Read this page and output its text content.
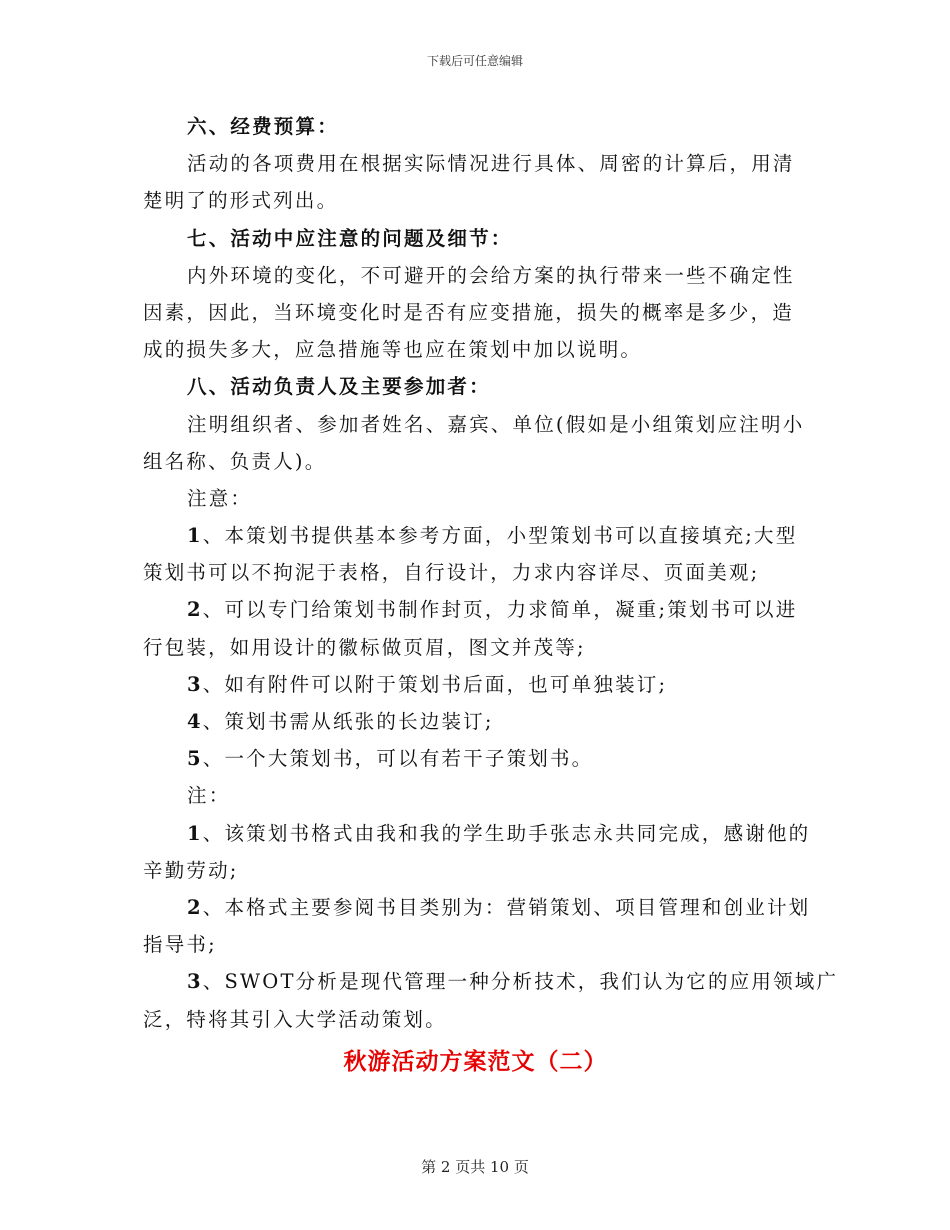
下载后可任意编辑
六、经费预算：
活动的各项费用在根据实际情况进行具体、周密的计算后，用清
楚明了的形式列出。
七、活动中应注意的问题及细节：
内外环境的变化，不可避开的会给方案的执行带来一些不确定性
因素，因此，当环境变化时是否有应变措施，损失的概率是多少，造
成的损失多大，应急措施等也应在策划中加以说明。
八、活动负责人及主要参加者：
注明组织者、参加者姓名、嘉宾、单位(假如是小组策划应注明小
组名称、负责人)。
注意：
1、本策划书提供基本参考方面，小型策划书可以直接填充;大型
策划书可以不拘泥于表格，自行设计，力求内容详尽、页面美观;
2、可以专门给策划书制作封页，力求简单，凝重;策划书可以进
行包装，如用设计的徽标做页眉，图文并茂等;
3、如有附件可以附于策划书后面，也可单独装订;
4、策划书需从纸张的长边装订;
5、一个大策划书，可以有若干子策划书。
注：
1、该策划书格式由我和我的学生助手张志永共同完成，感谢他的
辛勤劳动;
2、本格式主要参阅书目类别为：营销策划、项目管理和创业计划
指导书;
3、SWOT分析是现代管理一种分析技术，我们认为它的应用领域广
泛，特将其引入大学活动策划。
秋游活动方案范文（二）
第 2 页共 10 页
